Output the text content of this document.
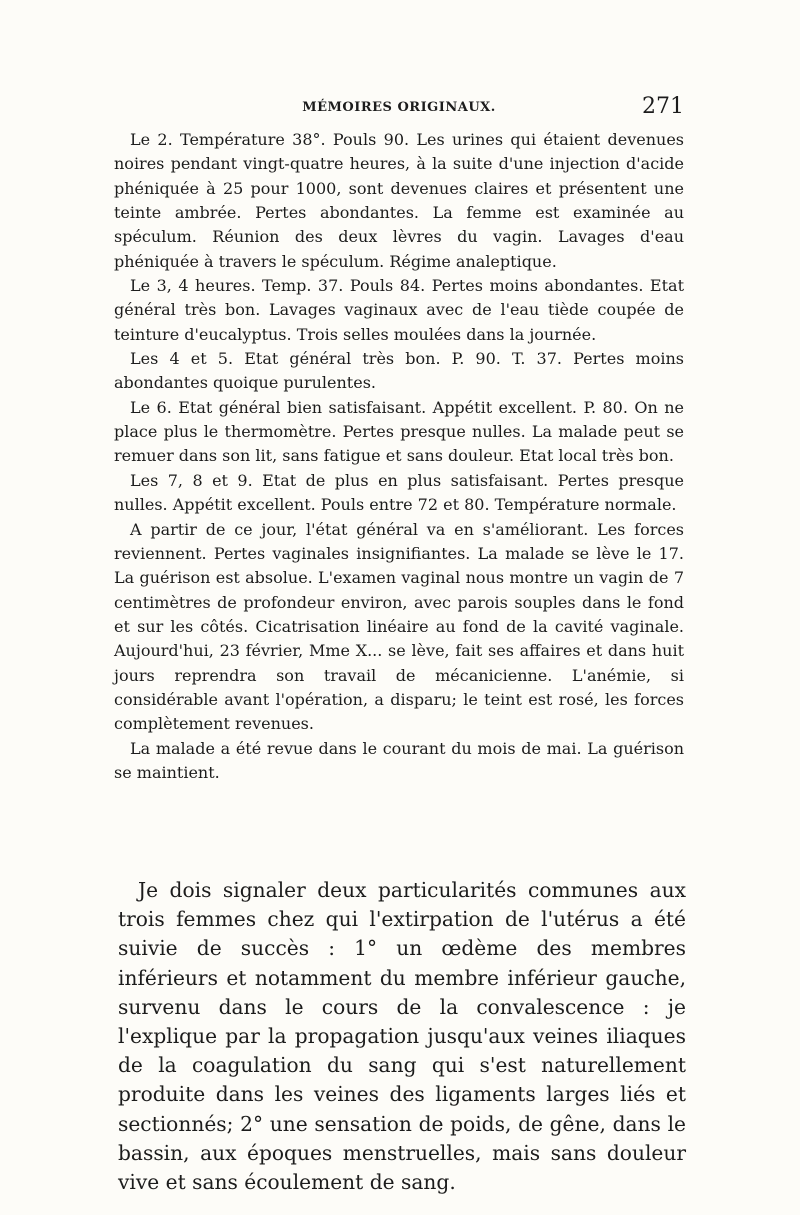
MÉMOIRES ORIGINAUX.	271

Le 2. Température 38°. Pouls 90. Les urines qui étaient devenues noires pendant vingt-quatre heures, à la suite d'une injection d'acide phéniquée à 25 pour 1000, sont devenues claires et présentent une teinte ambrée. Pertes abondantes. La femme est examinée au spéculum. Réunion des deux lèvres du vagin. Lavages d'eau phéniquée à travers le spéculum. Régime analeptique.

Le 3, 4 heures. Temp. 37. Pouls 84. Pertes moins abondantes. Etat général très bon. Lavages vaginaux avec de l'eau tiède coupée de teinture d'eucalyptus. Trois selles moulées dans la journée.

Les 4 et 5. Etat général très bon. P. 90. T. 37. Pertes moins abondantes quoique purulentes.

Le 6. Etat général bien satisfaisant. Appétit excellent. P. 80. On ne place plus le thermomètre. Pertes presque nulles. La malade peut se remuer dans son lit, sans fatigue et sans douleur. Etat local très bon.

Les 7, 8 et 9. Etat de plus en plus satisfaisant. Pertes presque nulles. Appétit excellent. Pouls entre 72 et 80. Température normale.

A partir de ce jour, l'état général va en s'améliorant. Les forces reviennent. Pertes vaginales insignifiantes. La malade se lève le 17. La guérison est absolue. L'examen vaginal nous montre un vagin de 7 centimètres de profondeur environ, avec parois souples dans le fond et sur les côtés. Cicatrisation linéaire au fond de la cavité vaginale. Aujourd'hui, 23 février, Mme X... se lève, fait ses affaires et dans huit jours reprendra son travail de mécanicienne. L'anémie, si considérable avant l'opération, a disparu; le teint est rosé, les forces complètement revenues.

La malade a été revue dans le courant du mois de mai. La guérison se maintient.

Je dois signaler deux particularités communes aux trois femmes chez qui l'extirpation de l'utérus a été suivie de succès : 1° un œdème des membres inférieurs et notamment du membre inférieur gauche, survenu dans le cours de la convalescence : je l'explique par la propagation jusqu'aux veines iliaques de la coagulation du sang qui s'est naturellement produite dans les veines des ligaments larges liés et sectionnés; 2° une sensation de poids, de gêne, dans le bassin, aux époques menstruelles, mais sans douleur vive et sans écoulement de sang.
